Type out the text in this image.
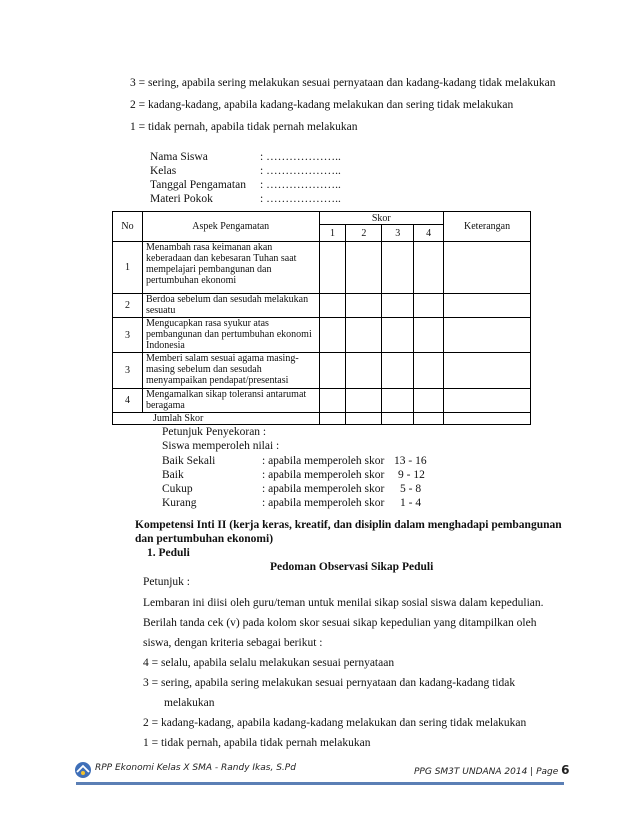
3 = sering, apabila sering melakukan sesuai pernyataan dan kadang-kadang tidak melakukan
2 = kadang-kadang, apabila kadang-kadang melakukan dan sering tidak melakukan
1 = tidak pernah, apabila tidak pernah melakukan
Nama Siswa	: ………………..
Kelas	: ………………..
Tanggal Pengamatan	: ………………..
Materi Pokok	: ………………..
No	Aspek Pengamatan	Skor				Keterangan
		1	2	3	4	
1	Menambah rasa keimanan akan keberadaan dan kebesaran Tuhan saat mempelajari pembangunan dan pertumbuhan ekonomi					
2	Berdoa sebelum dan sesudah melakukan sesuatu					
3	Mengucapkan rasa syukur atas pembangunan dan pertumbuhan ekonomi Indonesia					
3	Memberi salam sesuai agama masing-masing sebelum dan sesudah menyampaikan pendapat/presentasi					
4	Mengamalkan sikap toleransi antarumat beragama					
Jumlah Skor						
Petunjuk Penyekoran :
Siswa memperoleh nilai :
Baik Sekali	: apabila memperoleh skor 13 - 16
Baik	: apabila memperoleh skor 9 - 12
Cukup	: apabila memperoleh skor 5 - 8
Kurang	: apabila memperoleh skor 1 - 4
Kompetensi Inti II (kerja keras, kreatif, dan disiplin dalam menghadapi pembangunan
dan pertumbuhan ekonomi)
1. Peduli
Pedoman Observasi Sikap Peduli
Petunjuk :
Lembaran ini diisi oleh guru/teman untuk menilai sikap sosial siswa dalam kepedulian.
Berilah tanda cek (v) pada kolom skor sesuai sikap kepedulian yang ditampilkan oleh
siswa, dengan kriteria sebagai berikut :
4 = selalu, apabila selalu melakukan sesuai pernyataan
3 = sering, apabila sering melakukan sesuai pernyataan dan kadang-kadang tidak
melakukan
2 = kadang-kadang, apabila kadang-kadang melakukan dan sering tidak melakukan
1 = tidak pernah, apabila tidak pernah melakukan
RPP Ekonomi Kelas X SMA - Randy Ikas, S.Pd	PPG SM3T UNDANA 2014 | Page 6
